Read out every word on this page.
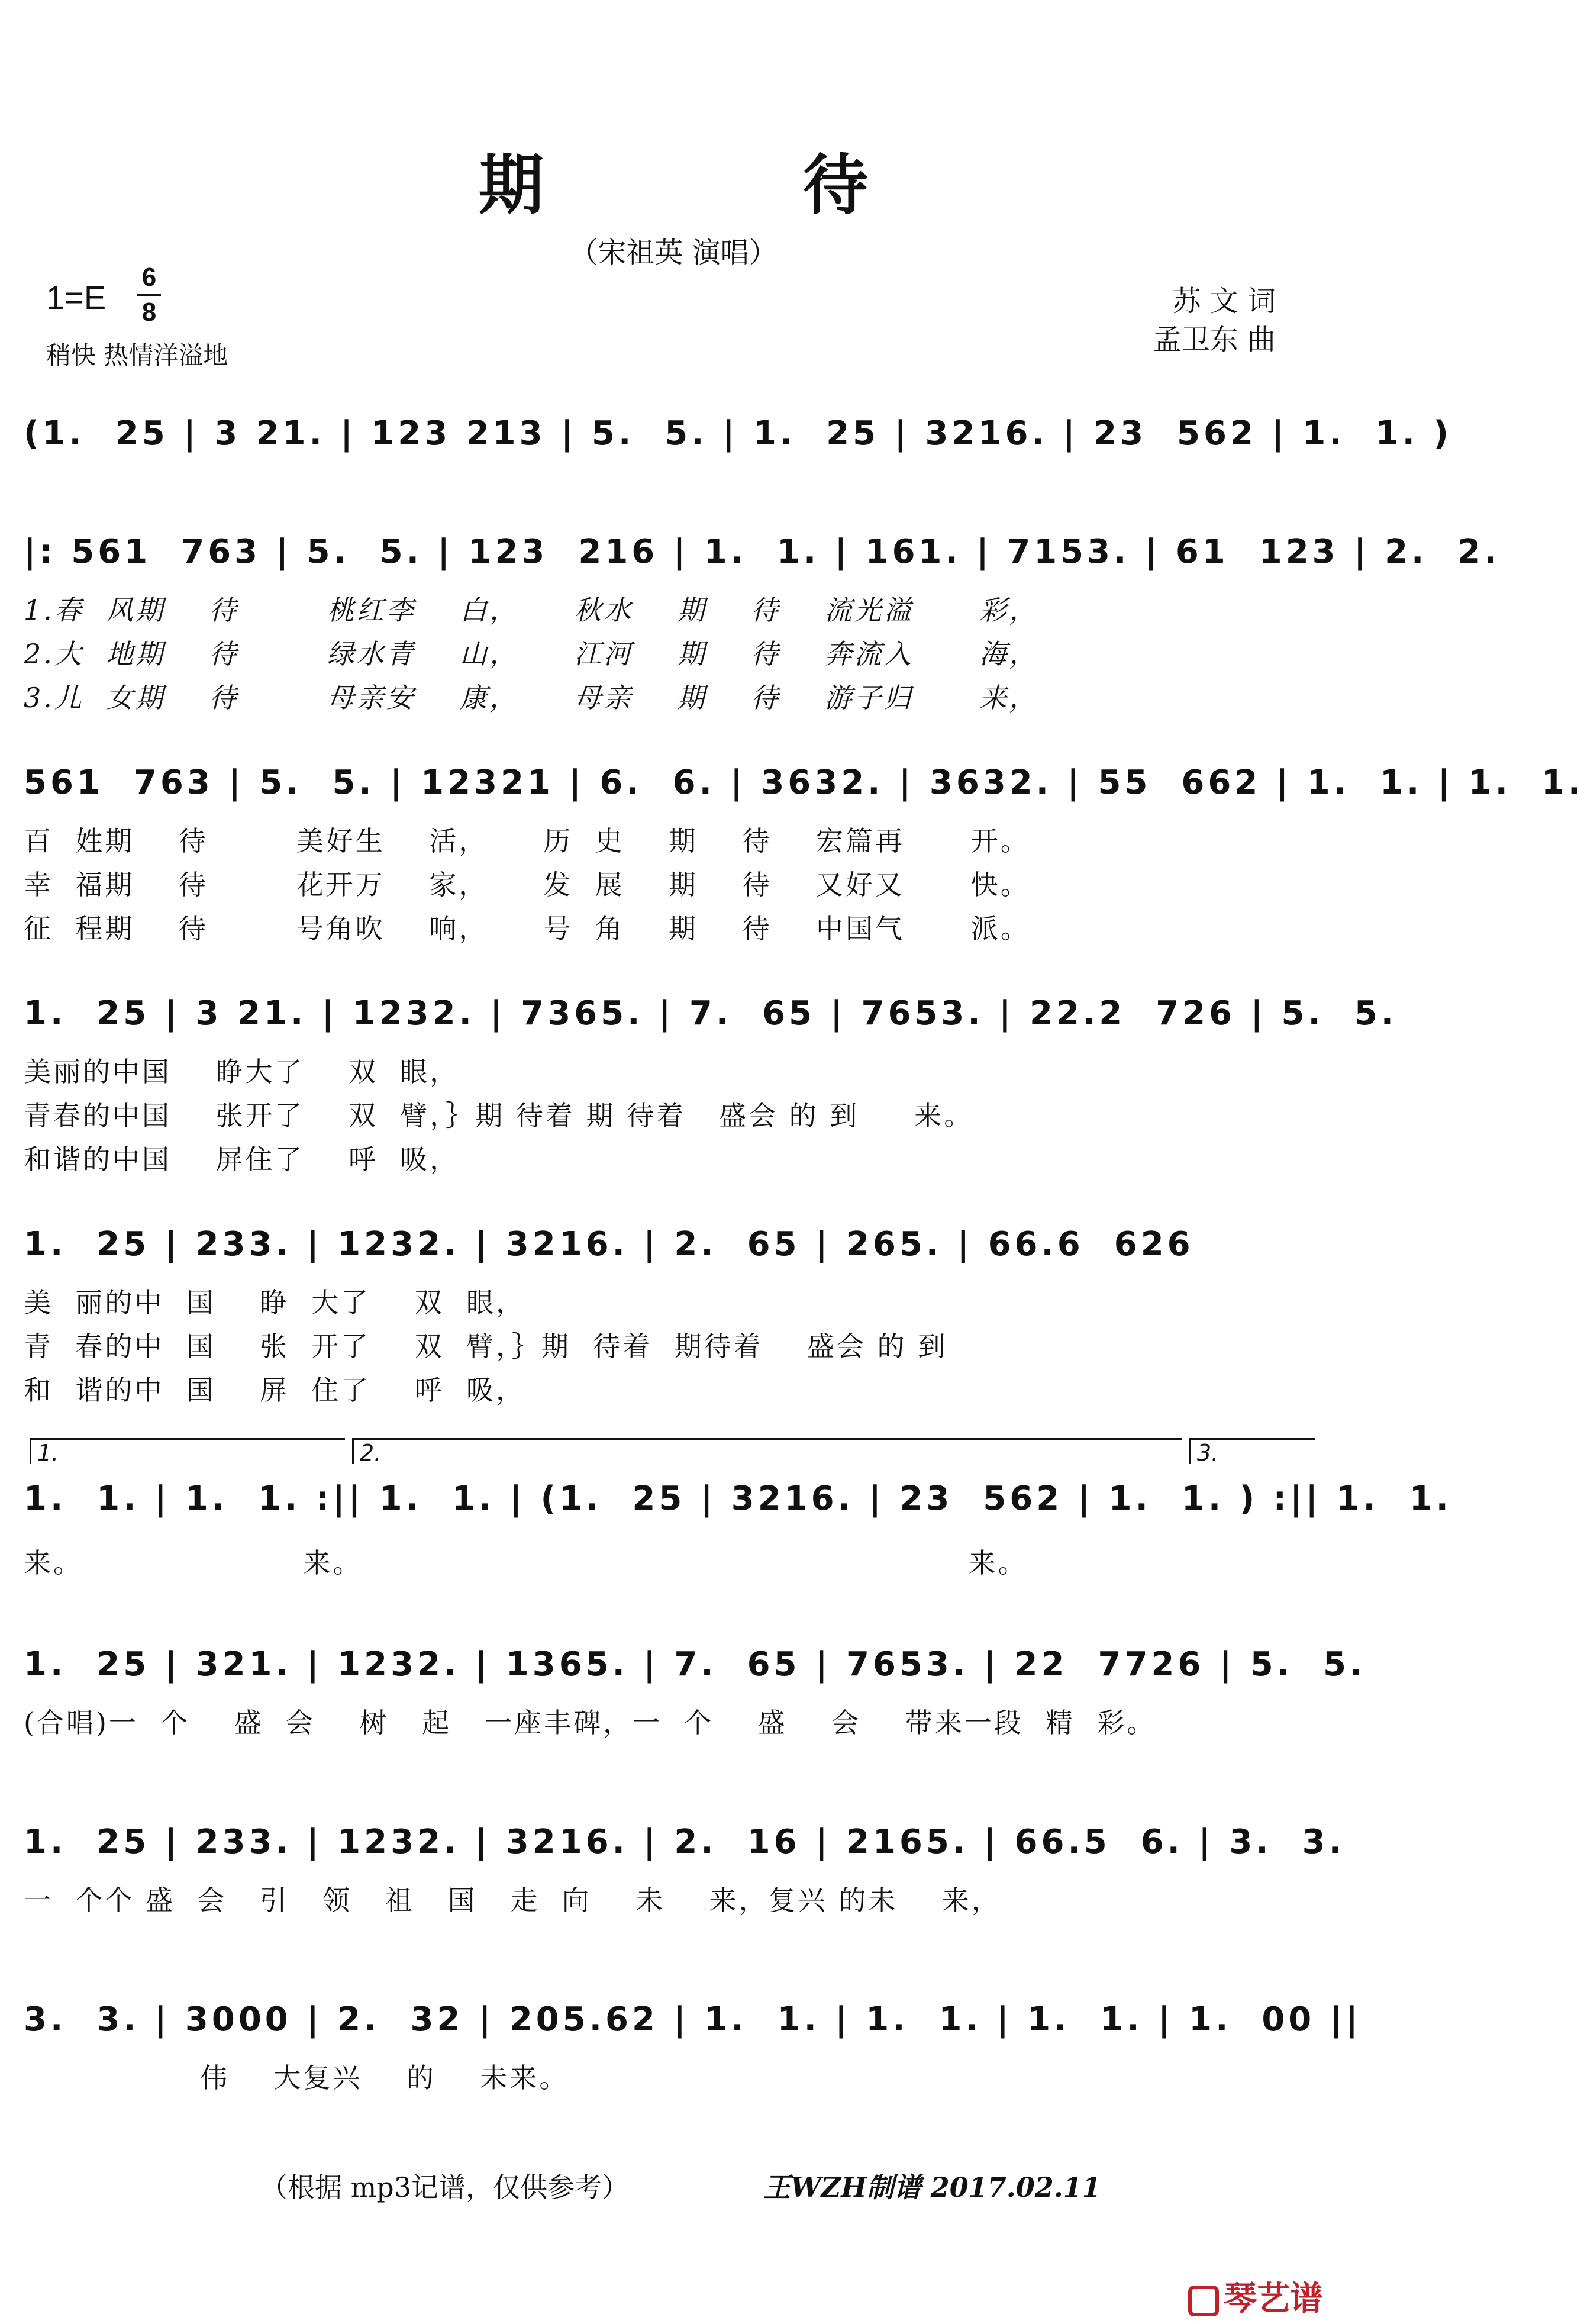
期 待
（宋祖英 演唱）
1=E
6
8
稍快 热情洋溢地
苏 文 词
孟卫东 曲
(1.  25 | 3 21. | 123 213 | 5.  5. | 1.  25 | 3216. | 23  562 | 1.  1. )
|: 561  763 | 5.  5. | 123  216 | 1.  1. | 161. | 7153. | 61  123 | 2.  2.
1.春  风期    待        桃红李    白，     秋水    期    待    流光溢      彩，
2.大  地期    待        绿水青    山，     江河    期    待    奔流入      海，
3.儿  女期    待        母亲安    康，     母亲    期    待    游子归      来，
561  763 | 5.  5. | 12321 | 6.  6. | 3632. | 3632. | 55  662 | 1.  1. | 1.  1.
百  姓期    待        美好生    活，     历  史    期    待    宏篇再      开。
幸  福期    待        花开万    家，     发  展    期    待    又好又      快。
征  程期    待        号角吹    响，     号  角    期    待    中国气      派。
1.  25 | 3 21. | 1232. | 7365. | 7.  65 | 7653. | 22.2  726 | 5.  5.
美丽的中国    睁大了    双  眼，
青春的中国    张开了    双  臂，｝期 待着 期 待着   盛会 的 到     来。
和谐的中国    屏住了    呼  吸，
1.  25 | 233. | 1232. | 3216. | 2.  65 | 265. | 66.6  626
美  丽的中  国    睁  大了    双  眼，
青  春的中  国    张  开了    双  臂，｝期  待着  期待着    盛会 的 到
和  谐的中  国    屏  住了    呼  吸，
1.	2.	3.
1.  1. | 1.  1. :|| 1.  1. | (1.  25 | 3216. | 23  562 | 1.  1. ) :|| 1.  1.
来。                    来。                                                       来。
1.  25 | 321. | 1232. | 1365. | 7.  65 | 7653. | 22  7726 | 5.  5.
(合唱)一  个    盛  会    树   起   一座丰碑，一  个    盛    会    带来一段  精  彩。
1.  25 | 233. | 1232. | 3216. | 2.  16 | 2165. | 66.5  6. | 3.  3.
一  个个 盛  会   引   领   祖   国   走  向    未    来，复兴 的未    来，
3.  3. | 3000 | 2.  32 | 205.62 | 1.  1. | 1.  1. | 1.  1. | 1.  00 ||
伟    大复兴    的    未来。
（根据 mp3记谱，仅供参考）	王WZH制谱 2017.02.11
琴艺谱
